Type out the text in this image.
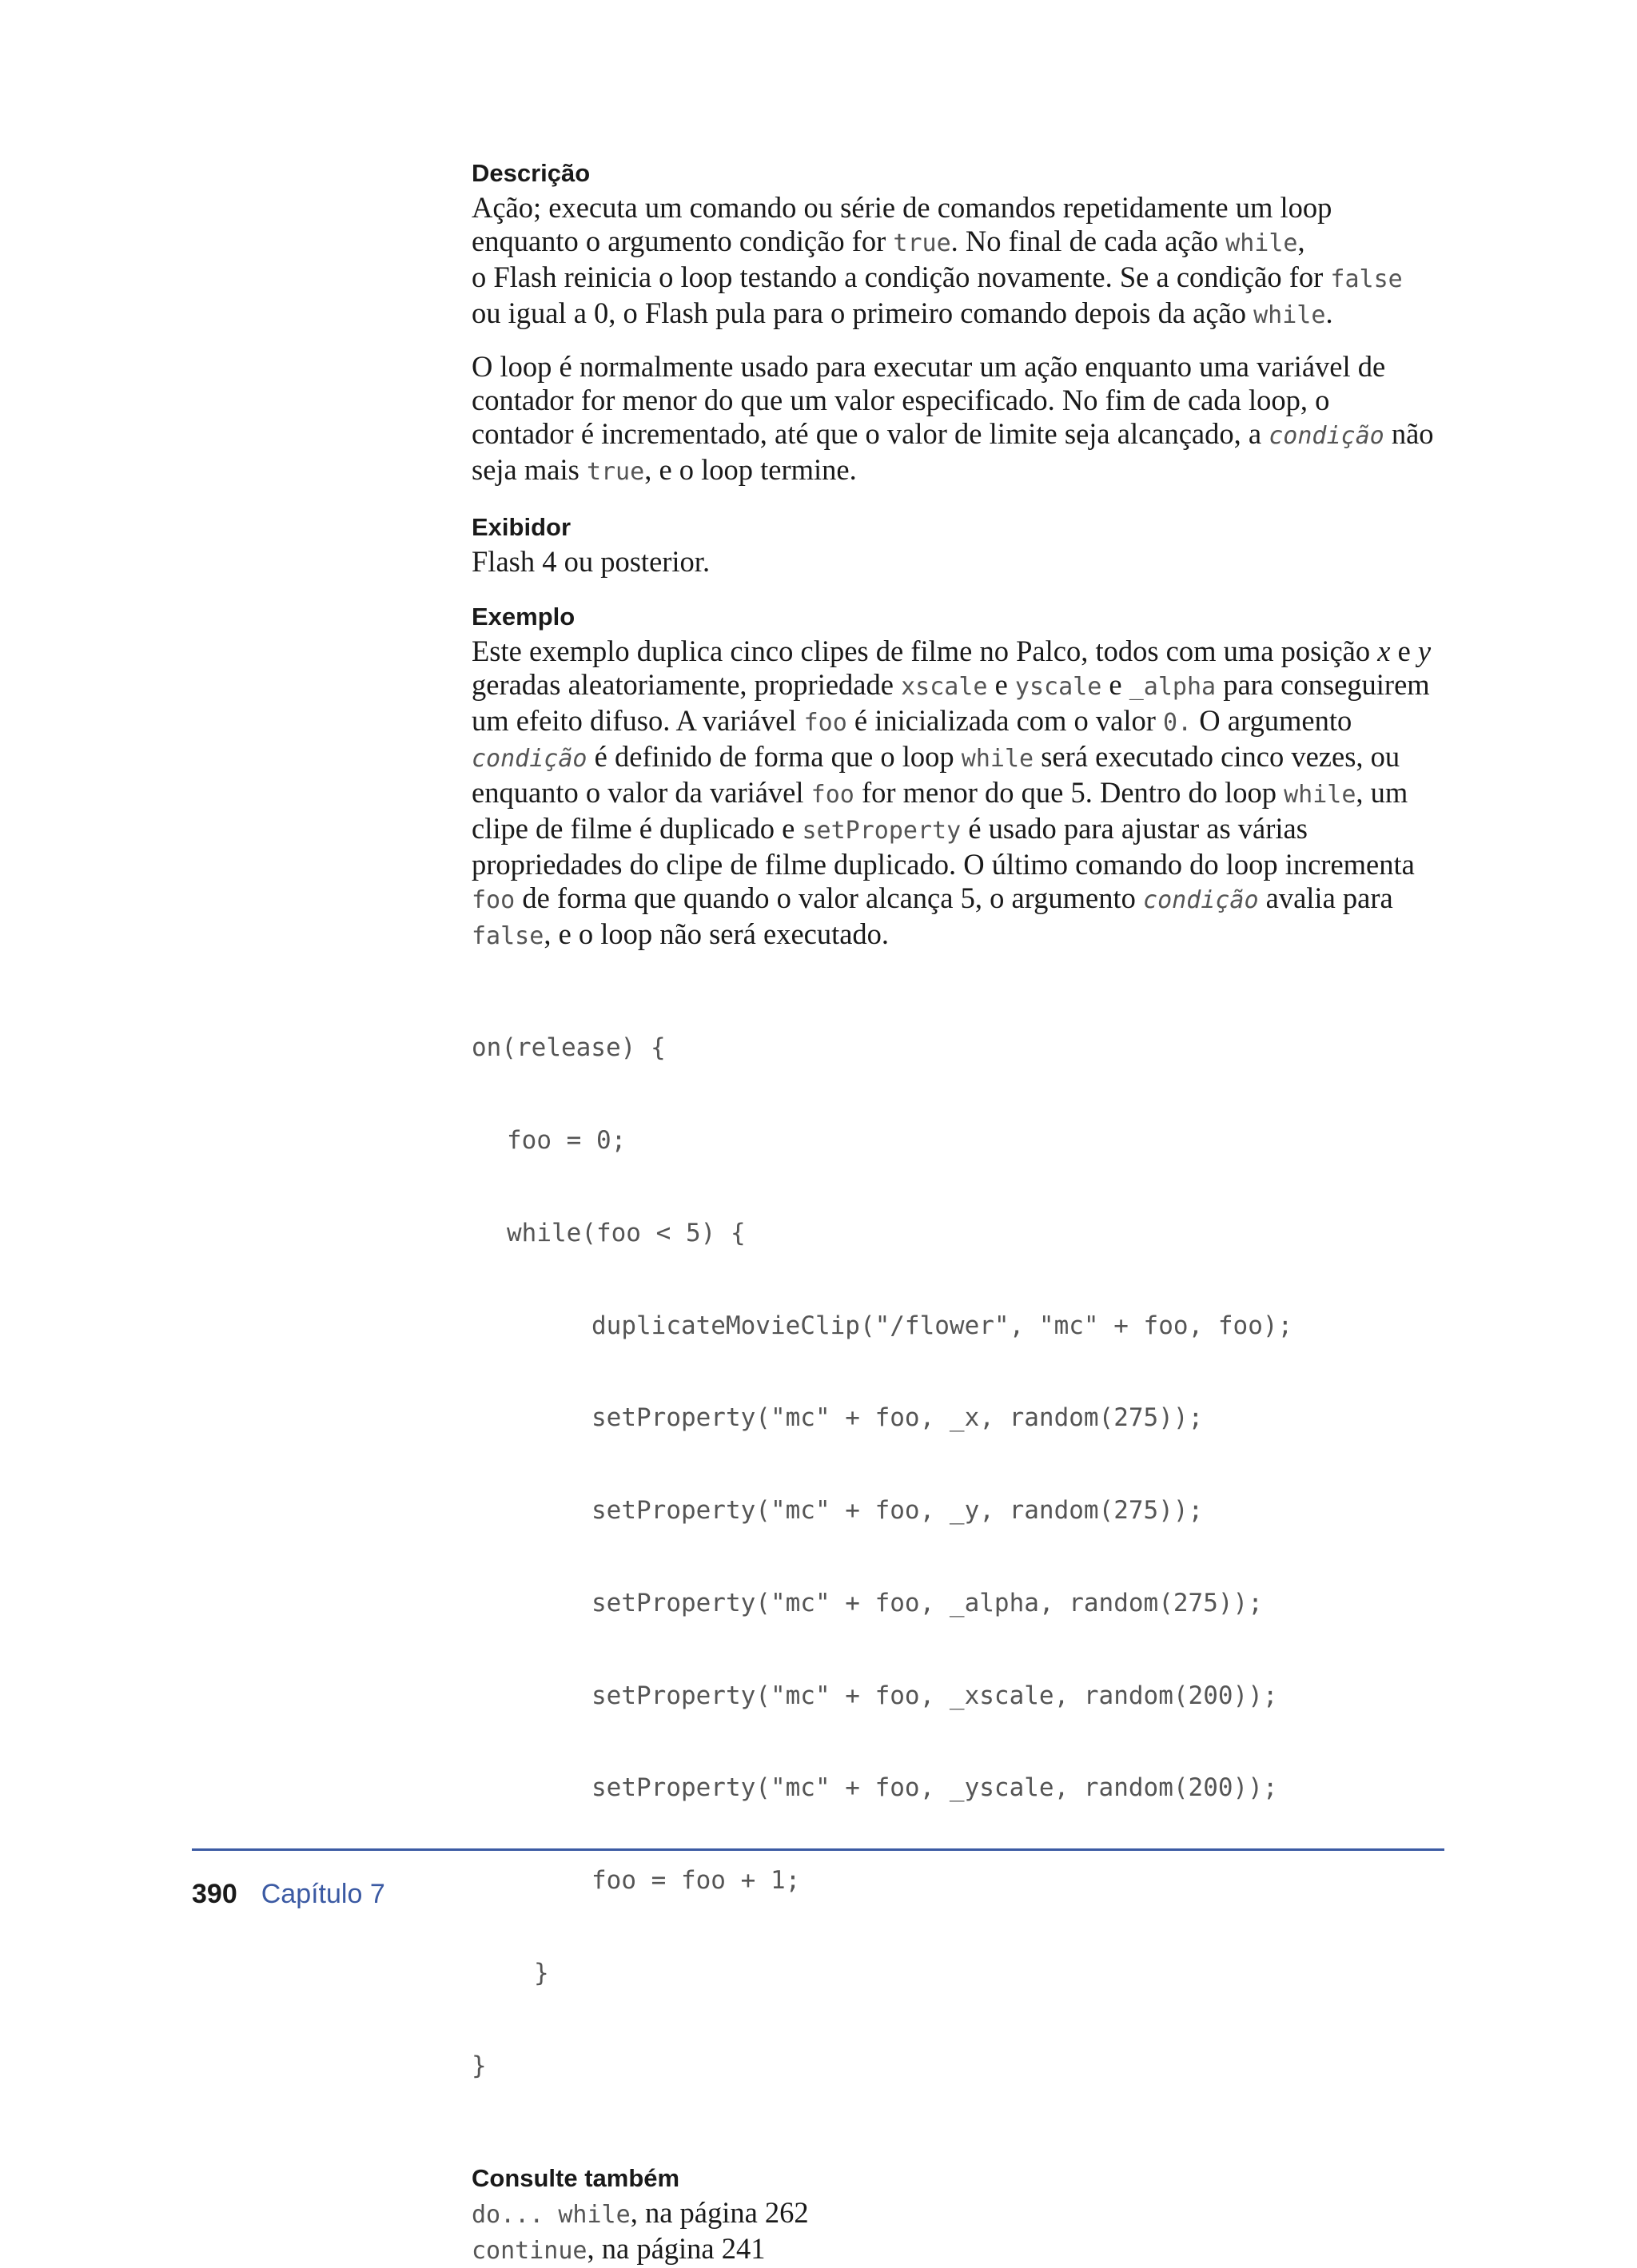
Descrição

Ação; executa um comando ou série de comandos repetidamente um loop
enquanto o argumento condição for true. No final de cada ação while,
o Flash reinicia o loop testando a condição novamente. Se a condição for false
ou igual a 0, o Flash pula para o primeiro comando depois da ação while.

O loop é normalmente usado para executar um ação enquanto uma variável de
contador for menor do que um valor especificado. No fim de cada loop, o
contador é incrementado, até que o valor de limite seja alcançado, a condição não
seja mais true, e o loop termine.

Exibidor

Flash 4 ou posterior.

Exemplo

Este exemplo duplica cinco clipes de filme no Palco, todos com uma posição x e y
geradas aleatoriamente, propriedade xscale e yscale e _alpha para conseguirem
um efeito difuso. A variável foo é inicializada com o valor 0. O argumento
condição é definido de forma que o loop while será executado cinco vezes, ou
enquanto o valor da variável foo for menor do que 5. Dentro do loop while, um
clipe de filme é duplicado e setProperty é usado para ajustar as várias
propriedades do clipe de filme duplicado. O último comando do loop incrementa
foo de forma que quando o valor alcança 5, o argumento condição avalia para
false, e o loop não será executado.

on(release) {

foo = 0;

while(foo < 5) {

duplicateMovieClip("/flower", "mc" + foo, foo);

setProperty("mc" + foo, _x, random(275));

setProperty("mc" + foo, _y, random(275));

setProperty("mc" + foo, _alpha, random(275));

setProperty("mc" + foo, _xscale, random(200));

setProperty("mc" + foo, _yscale, random(200));

foo = foo + 1;

}

}

Consulte também

do... while, na página 262
continue, na página 241

390 Capítulo 7
